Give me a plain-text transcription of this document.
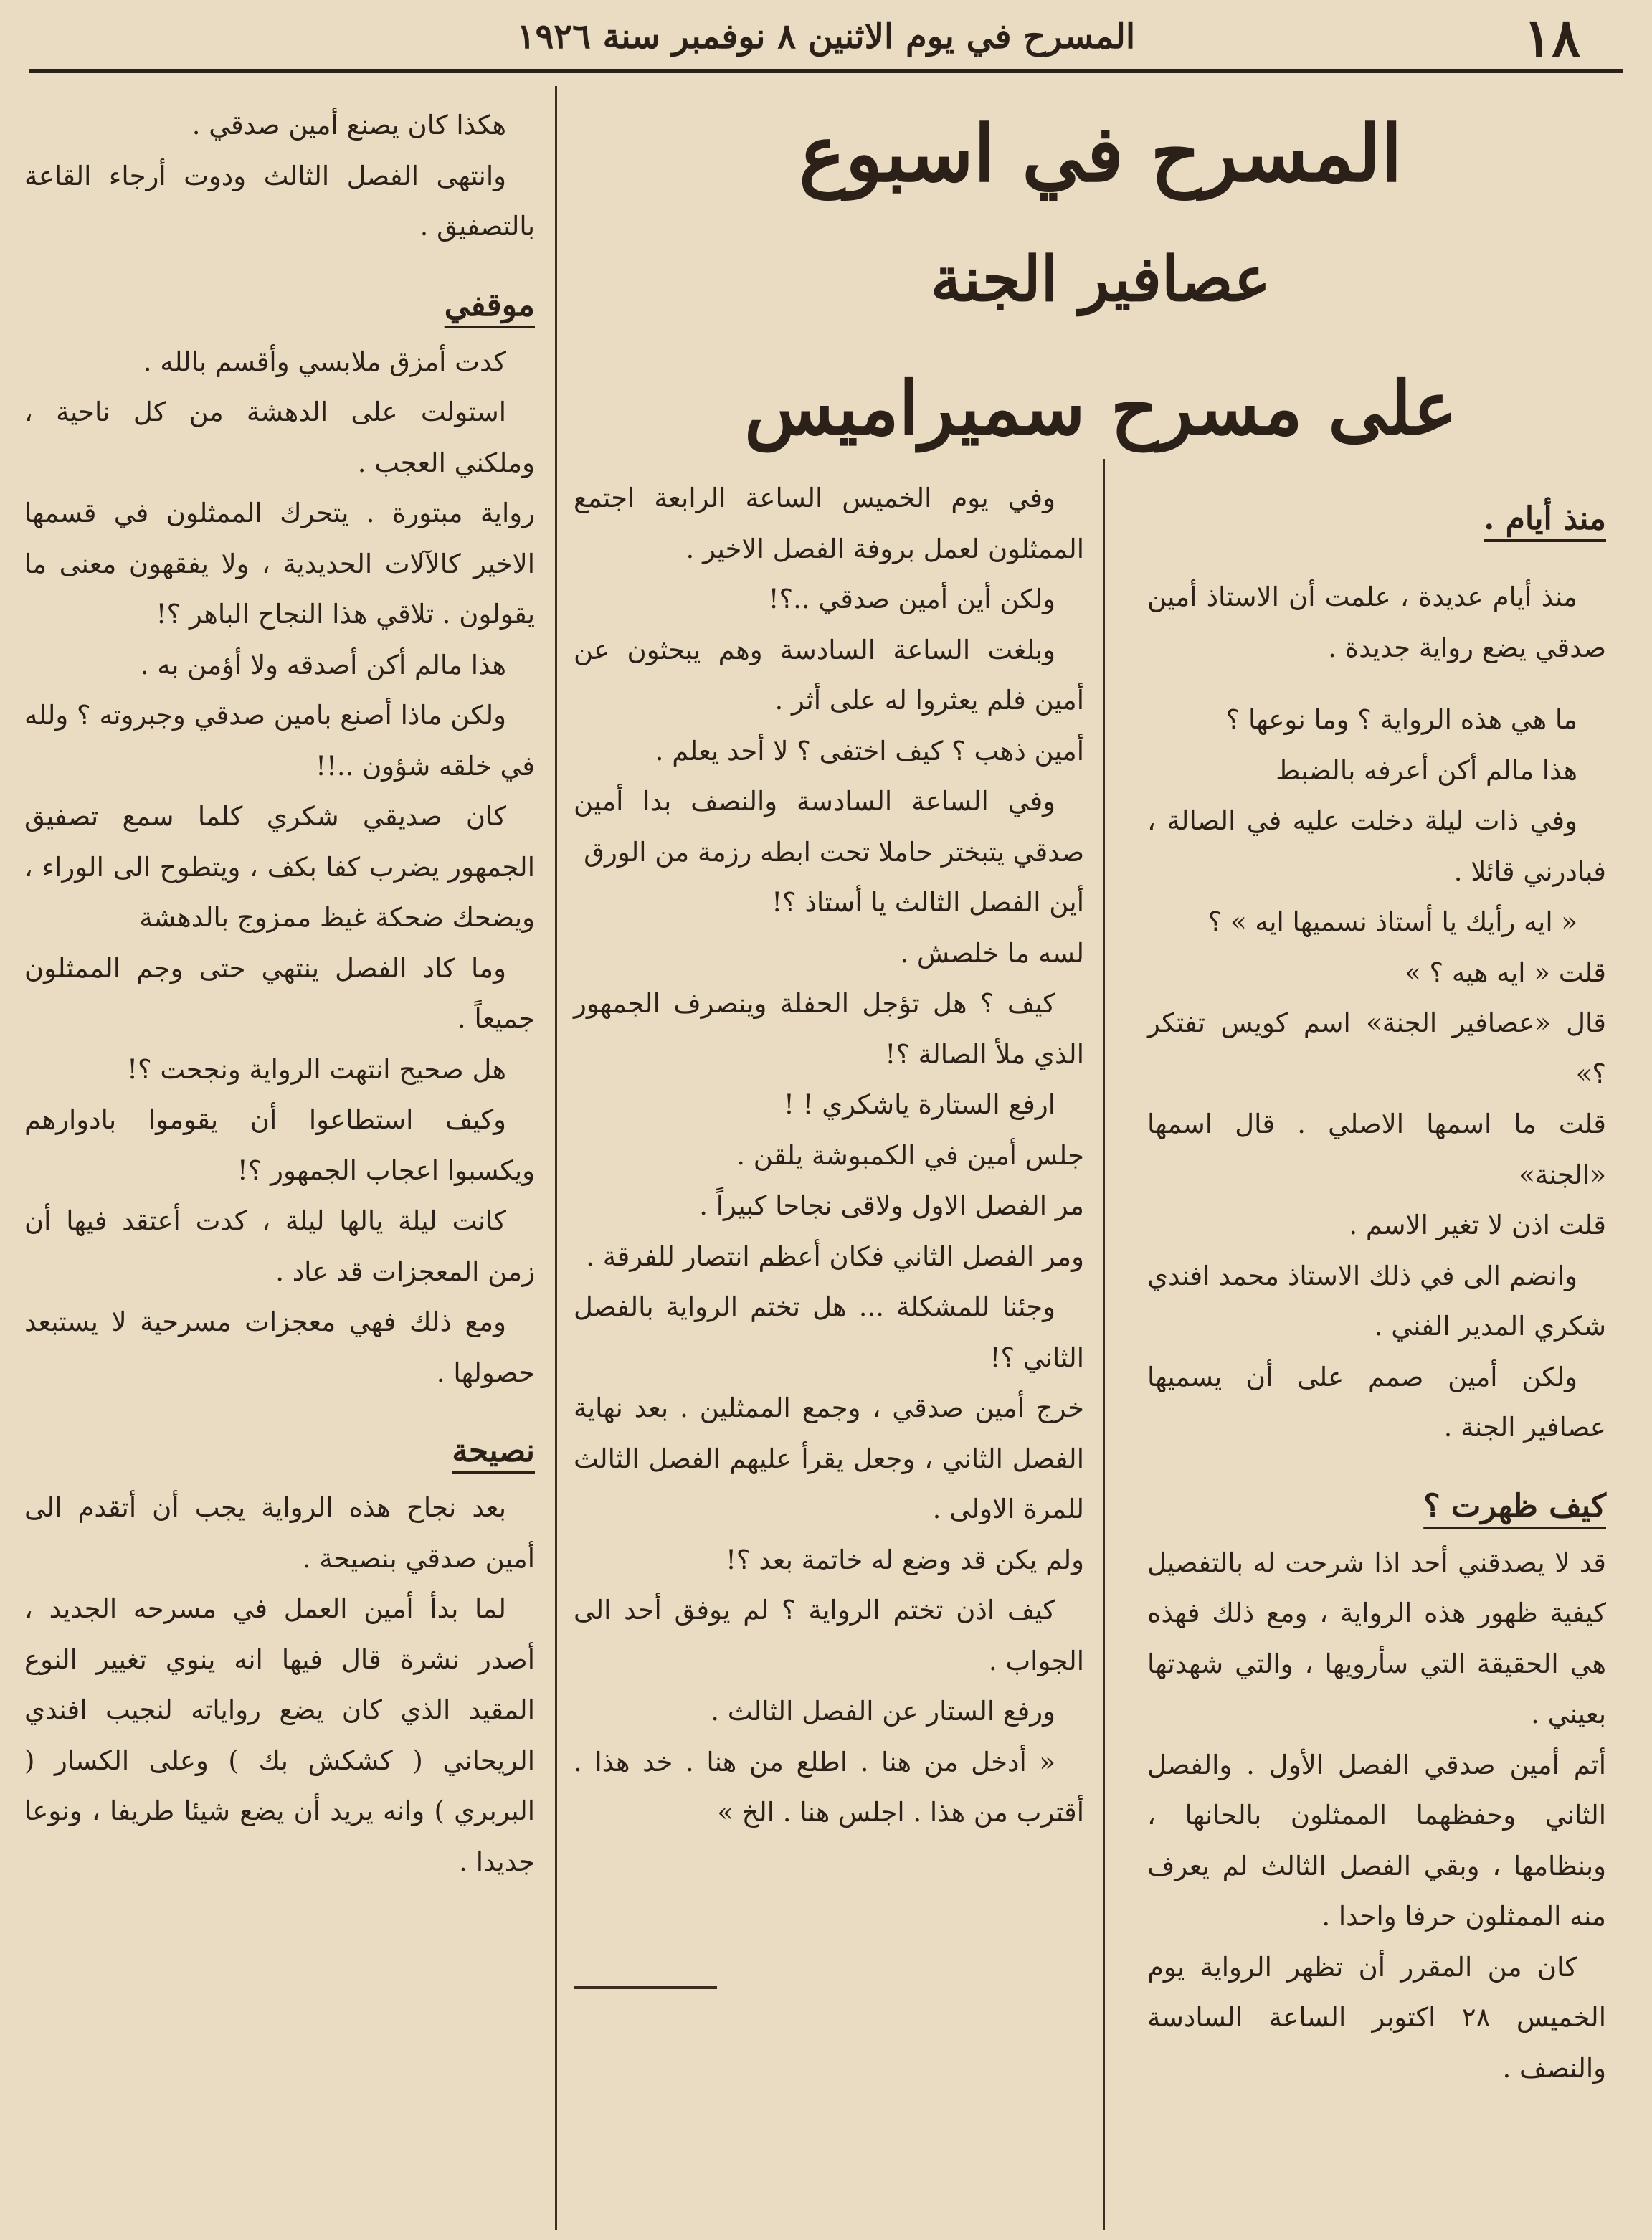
١٨
المسرح في يوم الاثنين ٨ نوفمبر سنة ١٩٢٦
المسرح في اسبوع
عصافير الجنة
على مسرح سميراميس
منذ أيام .

منذ أيام عديدة ، علمت أن الاستاذ أمين صدقي يضع رواية جديدة .

ما هي هذه الرواية ؟ وما نوعها ؟

هذا مالم أكن أعرفه بالضبط

وفي ذات ليلة دخلت عليه في الصالة ، فبادرني قائلا .

« ايه رأيك يا أستاذ نسميها ايه » ؟

قلت « ايه هيه ؟ »

قال «عصافير الجنة» اسم كويس تفتكر ؟»

قلت ما اسمها الاصلي . قال اسمها «الجنة»

قلت اذن لا تغير الاسم .

وانضم الى في ذلك الاستاذ محمد افندي شكري المدير الفني .

ولكن أمين صمم على أن يسميها عصافير الجنة .

كيف ظهرت ؟

قد لا يصدقني أحد اذا شرحت له بالتفصيل كيفية ظهور هذه الرواية ، ومع ذلك فهذه هي الحقيقة التي سأرويها ، والتي شهدتها بعيني .

أتم أمين صدقي الفصل الأول . والفصل الثاني وحفظهما الممثلون بالحانها ، وبنظامها ، وبقي الفصل الثالث لم يعرف منه الممثلون حرفا واحدا .

كان من المقرر أن تظهر الرواية يوم الخميس ٢٨ اكتوبر الساعة السادسة والنصف .

وفي يوم الخميس الساعة الرابعة اجتمع الممثلون لعمل بروفة الفصل الاخير .

ولكن أين أمين صدقي ..؟!

وبلغت الساعة السادسة وهم يبحثون عن أمين فلم يعثروا له على أثر .

أمين ذهب ؟ كيف اختفى ؟ لا أحد يعلم .

وفي الساعة السادسة والنصف بدا أمين صدقي يتبختر حاملا تحت ابطه رزمة من الورق

أين الفصل الثالث يا أستاذ ؟!

لسه ما خلصش .

كيف ؟ هل تؤجل الحفلة وينصرف الجمهور الذي ملأ الصالة ؟!

ارفع الستارة ياشكري ! !

جلس أمين في الكمبوشة يلقن .

مر الفصل الاول ولاقى نجاحا كبيراً .

ومر الفصل الثاني فكان أعظم انتصار للفرقة .

وجئنا للمشكلة ... هل تختم الرواية بالفصل الثاني ؟!

خرج أمين صدقي ، وجمع الممثلين . بعد نهاية الفصل الثاني ، وجعل يقرأ عليهم الفصل الثالث للمرة الاولى .

ولم يكن قد وضع له خاتمة بعد ؟!

كيف اذن تختم الرواية ؟ لم يوفق أحد الى الجواب .

ورفع الستار عن الفصل الثالث .

« أدخل من هنا . اطلع من هنا . خد هذا . أقترب من هذا . اجلس هنا . الخ »

هكذا كان يصنع أمين صدقي .

وانتهى الفصل الثالث ودوت أرجاء القاعة بالتصفيق .

موقفي

كدت أمزق ملابسي وأقسم بالله .

استولت على الدهشة من كل ناحية ، وملكني العجب .

رواية مبتورة . يتحرك الممثلون في قسمها الاخير كالآلات الحديدية ، ولا يفقهون معنى ما يقولون . تلاقي هذا النجاح الباهر ؟!

هذا مالم أكن أصدقه ولا أؤمن به .

ولكن ماذا أصنع بامين صدقي وجبروته ؟ ولله في خلقه شؤون ..!!

كان صديقي شكري كلما سمع تصفيق الجمهور يضرب كفا بكف ، ويتطوح الى الوراء ، ويضحك ضحكة غيظ ممزوج بالدهشة

وما كاد الفصل ينتهي حتى وجم الممثلون جميعاً .

هل صحيح انتهت الرواية ونجحت ؟!

وكيف استطاعوا أن يقوموا بادوارهم ويكسبوا اعجاب الجمهور ؟!

كانت ليلة يالها ليلة ، كدت أعتقد فيها أن زمن المعجزات قد عاد .

ومع ذلك فهي معجزات مسرحية لا يستبعد حصولها .

نصيحة

بعد نجاح هذه الرواية يجب أن أتقدم الى أمين صدقي بنصيحة .

لما بدأ أمين العمل في مسرحه الجديد ، أصدر نشرة قال فيها انه ينوي تغيير النوع المقيد الذي كان يضع رواياته لنجيب افندي الريحاني ( كشكش بك ) وعلى الكسار ( البربري ) وانه يريد أن يضع شيئا طريفا ، ونوعا جديدا .
